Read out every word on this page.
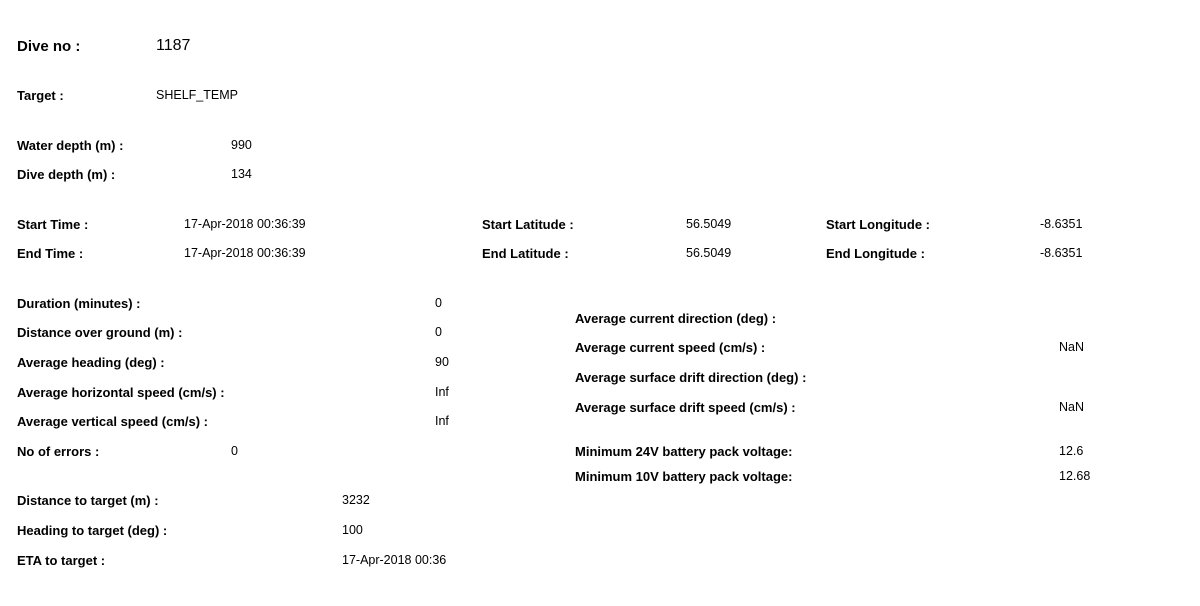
Dive no :	1187
Target :	SHELF_TEMP
Water depth (m) :	990
Dive depth (m) :	134
Start Time :	17-Apr-2018 00:36:39
End Time :	17-Apr-2018 00:36:39
Start Latitude :	56.5049
End Latitude :	56.5049
Start Longitude :	-8.6351
End Longitude :	-8.6351
Duration (minutes) :	0
Distance over ground (m) :	0
Average heading (deg) :	90
Average horizontal speed (cm/s) :	Inf
Average vertical speed (cm/s) :	Inf
No of errors :	0
Average current direction (deg) :
Average current speed (cm/s) :	NaN
Average surface drift direction (deg) :
Average surface drift speed (cm/s) :	NaN
Minimum 24V battery pack voltage:	12.6
Minimum 10V battery pack voltage:	12.68
Distance to target (m) :	3232
Heading to target (deg) :	100
ETA to target :	17-Apr-2018 00:36
